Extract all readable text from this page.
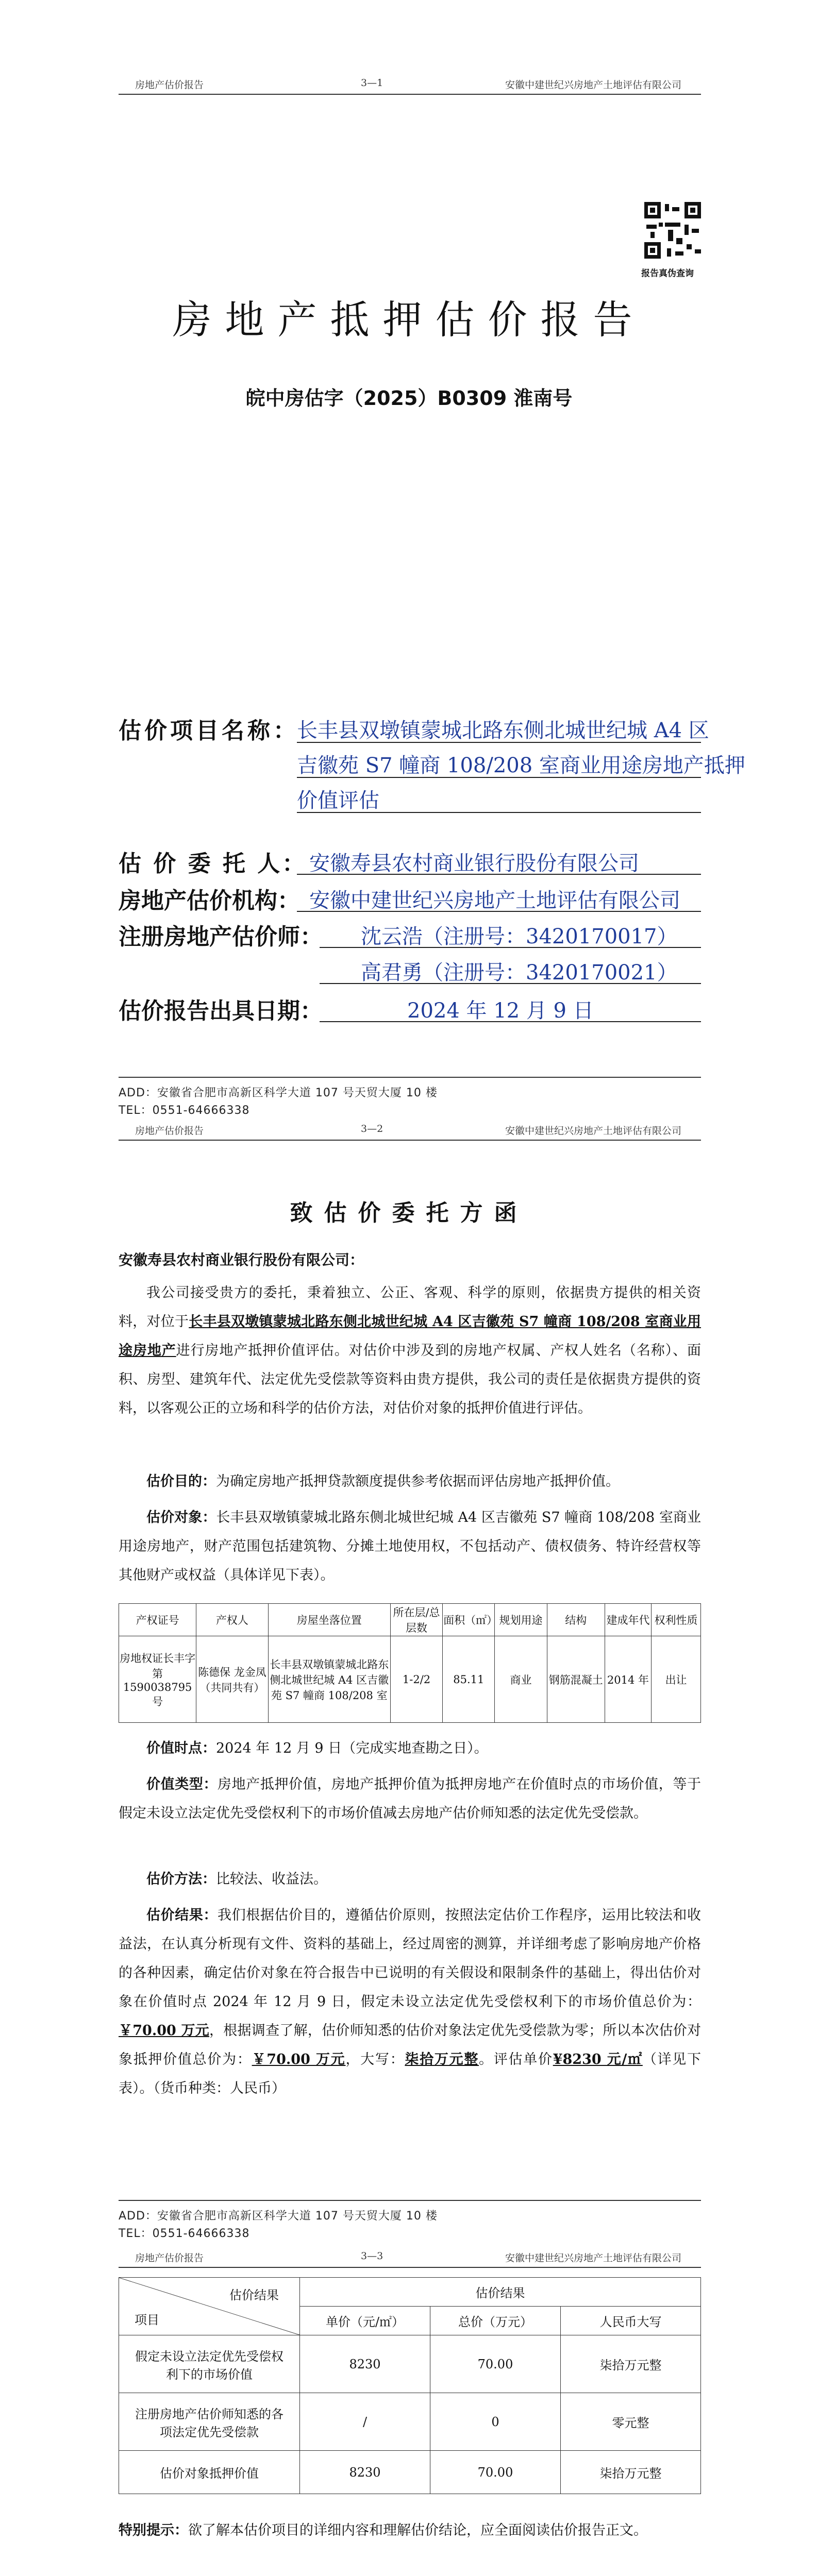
房地产估价报告	3—1	安徽中建世纪兴房地产土地评估有限公司
报告真伪查询
房地产抵押估价报告
皖中房估字（2025）B0309 淮南号
估价项目名称：
长丰县双墩镇蒙城北路东侧北城世纪城 A4 区
吉徽苑 S7 幢商 108/208 室商业用途房地产抵押
价值评估
估 价 委 托 人： 安徽寿县农村商业银行股份有限公司
房地产估价机构： 安徽中建世纪兴房地产土地评估有限公司
注册房地产估价师： 沈云浩（注册号：3420170017）
高君勇（注册号：3420170021）
估价报告出具日期：	2024 年 12 月 9 日
ADD：安徽省合肥市高新区科学大道 107 号天贸大厦 10 楼
TEL：0551-64666338
房地产估价报告	3—2	安徽中建世纪兴房地产土地评估有限公司
致估价委托方函
安徽寿县农村商业银行股份有限公司：
我公司接受贵方的委托，秉着独立、公正、客观、科学的原则，依据贵方提供的相关资料，对位于长丰县双墩镇蒙城北路东侧北城世纪城 A4 区吉徽苑 S7 幢商 108/208 室商业用途房地产进行房地产抵押价值评估。对估价中涉及到的房地产权属、产权人姓名（名称）、面积、房型、建筑年代、法定优先受偿款等资料由贵方提供，我公司的责任是依据贵方提供的资料，以客观公正的立场和科学的估价方法，对估价对象的抵押价值进行评估。
估价目的：为确定房地产抵押贷款额度提供参考依据而评估房地产抵押价值。
估价对象：长丰县双墩镇蒙城北路东侧北城世纪城 A4 区吉徽苑 S7 幢商 108/208 室商业用途房地产，财产范围包括建筑物、分摊土地使用权，不包括动产、债权债务、特许经营权等其他财产或权益（具体详见下表）。
产权证号	产权人	房屋坐落位置	所在层/总层数	面积（㎡）	规划用途	结构	建成年代	权利性质
房地权证长丰字第 1590038795 号	陈德保 龙金凤（共同共有）	长丰县双墩镇蒙城北路东侧北城世纪城 A4 区吉徽苑 S7 幢商 108/208 室	1-2/2	85.11	商业	钢筋混凝土	2014 年	出让
价值时点：2024 年 12 月 9 日（完成实地查勘之日）。
价值类型：房地产抵押价值，房地产抵押价值为抵押房地产在价值时点的市场价值，等于假定未设立法定优先受偿权利下的市场价值减去房地产估价师知悉的法定优先受偿款。
估价方法：比较法、收益法。
估价结果：我们根据估价目的，遵循估价原则，按照法定估价工作程序，运用比较法和收益法，在认真分析现有文件、资料的基础上，经过周密的测算，并详细考虑了影响房地产价格的各种因素，确定估价对象在符合报告中已说明的有关假设和限制条件的基础上，得出估价对象在价值时点 2024 年 12 月 9 日，假定未设立法定优先受偿权利下的市场价值总价为：￥70.00 万元，根据调查了解，估价师知悉的估价对象法定优先受偿款为零；所以本次估价对象抵押价值总价为：￥70.00 万元，大写：柒拾万元整。评估单价¥8230 元/㎡（详见下表）。（货币种类：人民币）
ADD：安徽省合肥市高新区科学大道 107 号天贸大厦 10 楼
TEL：0551-64666338
房地产估价报告	3—3	安徽中建世纪兴房地产土地评估有限公司
估价结果
项目	估价结果		
	单价（元/㎡）	总价（万元）	人民币大写
假定未设立法定优先受偿权利下的市场价值	8230	70.00	柒拾万元整
注册房地产估价师知悉的各项法定优先受偿款	/	0	零元整
估价对象抵押价值	8230	70.00	柒拾万元整
特别提示：欲了解本估价项目的详细内容和理解估价结论，应全面阅读估价报告正文。
